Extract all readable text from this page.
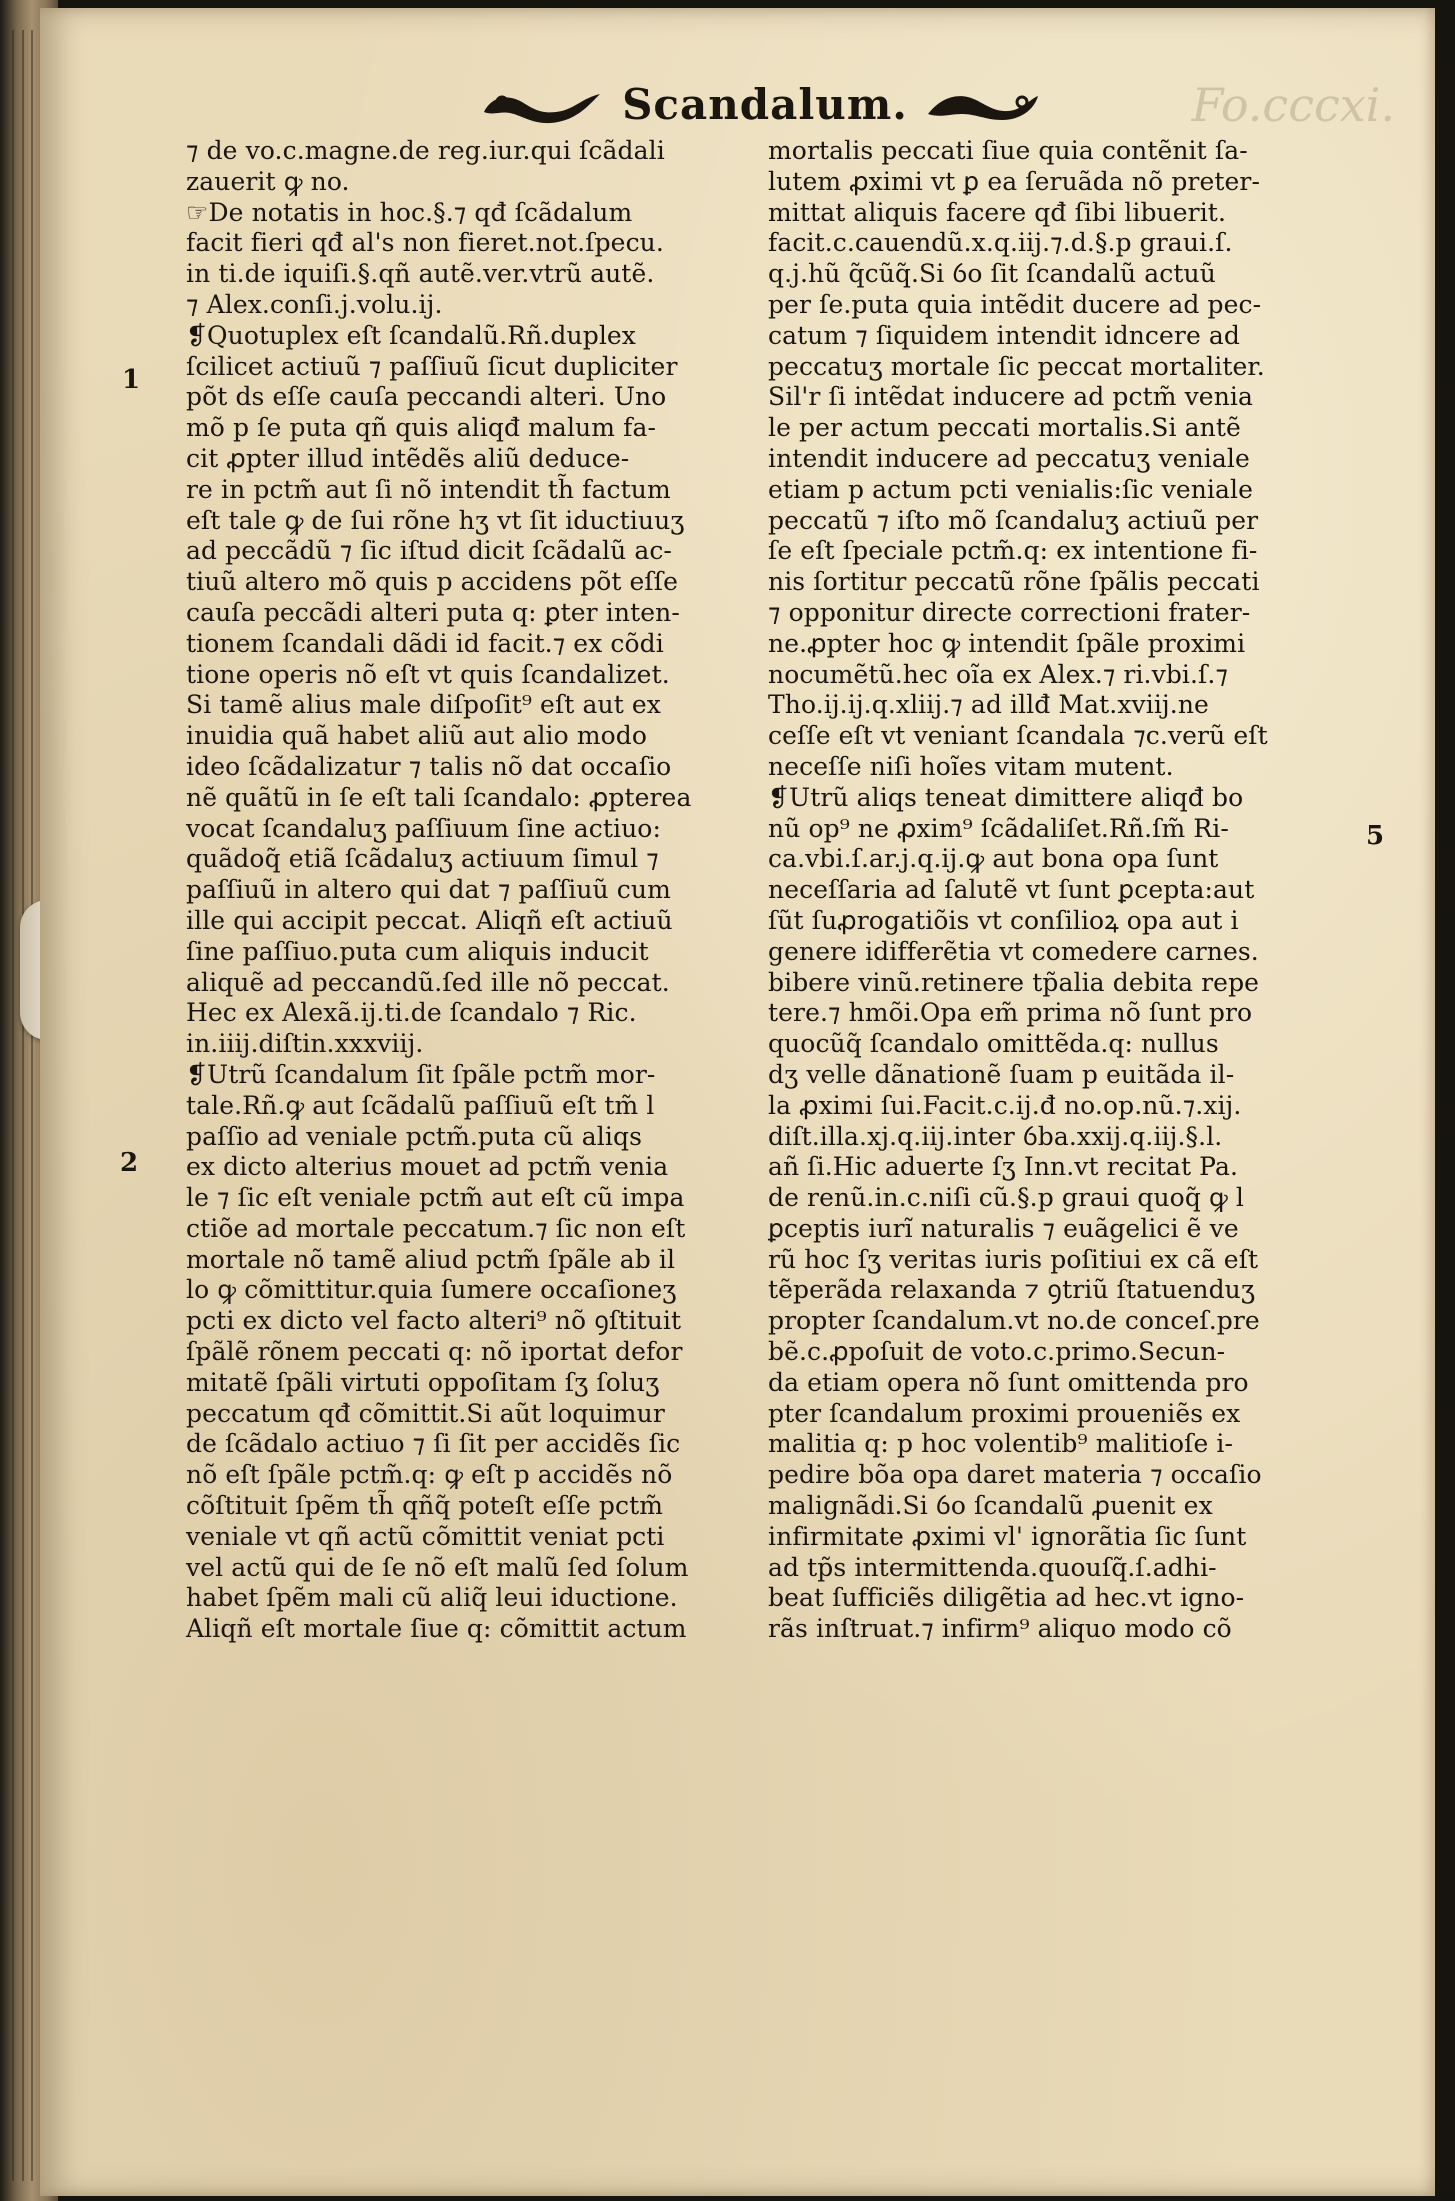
Fo.cccxi.
Scandalum.
1
2
5
⁊ de vo.c.magne.de reg.iur.qui ſcãdali
zauerit ꝙ no.
☞De notatis in hoc.§.⁊ qđ ſcãdalum
facit fieri qđ al's non fieret.not.ſpecu.
in ti.de iquiſi.§.qñ autẽ.ver.vtrũ autẽ.
⁊ Alex.conſi.j.volu.ij.
❡Quotuplex eſt ſcandalũ.Rñ.duplex
ſcilicet actiuũ ⁊ paſſiuũ ſicut dupliciter
põt ds eſſe cauſa peccandi alteri. Uno
mõ p ſe puta qñ quis aliqđ malum fa-
cit ꝓpter illud intẽdẽs aliũ deduce-
re in pctm̃ aut ſi nõ intendit th̃ factum
eſt tale ꝙ de ſui rõne hʒ vt ſit iductiuuʒ
ad peccãdũ ⁊ ſic iſtud dicit ſcãdalũ ac-
tiuũ altero mõ quis p accidens põt eſſe
cauſa peccãdi alteri puta q: ꝑter inten-
tionem ſcandali dãdi id facit.⁊ ex cõdi
tione operis nõ eſt vt quis ſcandalizet.
Si tamẽ alius male diſpoſit⁹ eſt aut ex
inuidia quã habet aliũ aut alio modo
ideo ſcãdalizatur ⁊ talis nõ dat occaſio
nẽ quãtũ in ſe eſt tali ſcandalo: ꝓpterea
vocat ſcandaluʒ paſſiuum ſine actiuo:
quãdoq̃ etiã ſcãdaluʒ actiuum ſimul ⁊
paſſiuũ in altero qui dat ⁊ paſſiuũ cum
ille qui accipit peccat. Aliqñ eſt actiuũ
ſine paſſiuo.puta cum aliquis inducit
aliquẽ ad peccandũ.ſed ille nõ peccat.
Hec ex Alexã.ij.ti.de ſcandalo ⁊ Ric.
in.iiij.diſtin.xxxviij.
❡Utrũ ſcandalum ſit ſpãle pctm̃ mor-
tale.Rñ.ꝙ aut ſcãdalũ paſſiuũ eſt tm̃ l
paſſio ad veniale pctm̃.puta cũ aliqs
ex dicto alterius mouet ad pctm̃ venia
le ⁊ ſic eſt veniale pctm̃ aut eſt cũ impa
ctiõe ad mortale peccatum.⁊ ſic non eſt
mortale nõ tamẽ aliud pctm̃ ſpãle ab il
lo ꝙ cõmittitur.quia ſumere occaſioneʒ
pcti ex dicto vel facto alteri⁹ nõ ꝯſtituit
ſpãlẽ rõnem peccati q: nõ iportat defor
mitatẽ ſpãli virtuti oppoſitam ſʒ ſoluʒ
peccatum qđ cõmittit.Si aũt loquimur
de ſcãdalo actiuo ⁊ ſi ſit per accidẽs ſic
nõ eſt ſpãle pctm̃.q: ꝙ eſt p accidẽs nõ
cõſtituit ſpẽm th̃ qñq̃ poteſt eſſe pctm̃
veniale vt qñ actũ cõmittit veniat pcti
vel actũ qui de ſe nõ eſt malũ ſed ſolum
habet ſpẽm mali cũ aliq̃ leui iductione.
Aliqñ eſt mortale ſiue q: cõmittit actum
mortalis peccati ſiue quia contẽnit ſa-
lutem ꝓximi vt ꝑ ea ſeruãda nõ preter-
mittat aliquis facere qđ ſibi libuerit.
facit.c.cauendũ.x.q.iij.⁊.d.§.p graui.ſ.
q.j.hũ q̃cũq̃.Si ỽo ſit ſcandalũ actuũ
per ſe.puta quia intẽdit ducere ad pec-
catum ⁊ ſiquidem intendit idncere ad
peccatuʒ mortale ſic peccat mortaliter.
Sil'r ſi intẽdat inducere ad pctm̃ venia
le per actum peccati mortalis.Si antẽ
intendit inducere ad peccatuʒ veniale
etiam p actum pcti venialis:ſic veniale
peccatũ ⁊ iſto mõ ſcandaluʒ actiuũ per
ſe eſt ſpeciale pctm̃.q: ex intentione fi-
nis ſortitur peccatũ rõne ſpãlis peccati
⁊ opponitur directe correctioni frater-
ne.ꝓpter hoc ꝙ intendit ſpãle proximi
nocumẽtũ.hec oĩa ex Alex.⁊ ri.vbi.ſ.⁊
Tho.ij.ij.q.xliij.⁊ ad illđ Mat.xviij.ne
ceſſe eſt vt veniant ſcandala ⁊c.verũ eſt
neceſſe niſi hoĩes vitam mutent.
❡Utrũ aliqs teneat dimittere aliqđ bo
nũ op⁹ ne ꝓxim⁹ ſcãdaliſet.Rñ.ſm̃ Ri-
ca.vbi.ſ.ar.j.q.ij.ꝙ aut bona opa ſunt
neceſſaria ad ſalutẽ vt ſunt ꝑcepta:aut
ſũt ſuꝓrogatiõis vt conſilioꝝ opa aut i
genere idifferẽtia vt comedere carnes.
bibere vinũ.retinere tp̃alia debita repe
tere.⁊ hmõi.Opa em̃ prima nõ ſunt pro
quocũq̃ ſcandalo omittẽda.q: nullus
dʒ velle dãnationẽ ſuam p euitãda il-
la ꝓximi ſui.Facit.c.ij.đ no.op.nũ.⁊.xij.
diſt.illa.xj.q.iij.inter ỽba.xxij.q.iij.§.l.
añ ſi.Hic aduerte ſʒ Inn.vt recitat Pa.
de renũ.in.c.niſi cũ.§.p graui quoq̃ ꝙ l
ꝑceptis iurĩ naturalis ⁊ euãgelici ẽ ve
rũ hoc ſʒ veritas iuris poſitiui ex cã eſt
tẽperãda relaxanda ⁊ ꝯtriũ ſtatuenduʒ
propter ſcandalum.vt no.de conceſ.pre
bẽ.c.ꝓpoſuit de voto.c.primo.Secun-
da etiam opera nõ ſunt omittenda pro
pter ſcandalum proximi proueniẽs ex
malitia q: p hoc volentib⁹ malitioſe i-
pedire bõa opa daret materia ⁊ occaſio
malignãdi.Si ỽo ſcandalũ ꝓuenit ex
infirmitate ꝓximi vl' ignorãtia ſic ſunt
ad tp̃s intermittenda.quouſq̃.ſ.adhi-
beat ſufficiẽs diligẽtia ad hec.vt igno-
rãs inſtruat.⁊ infirm⁹ aliquo modo cõ
